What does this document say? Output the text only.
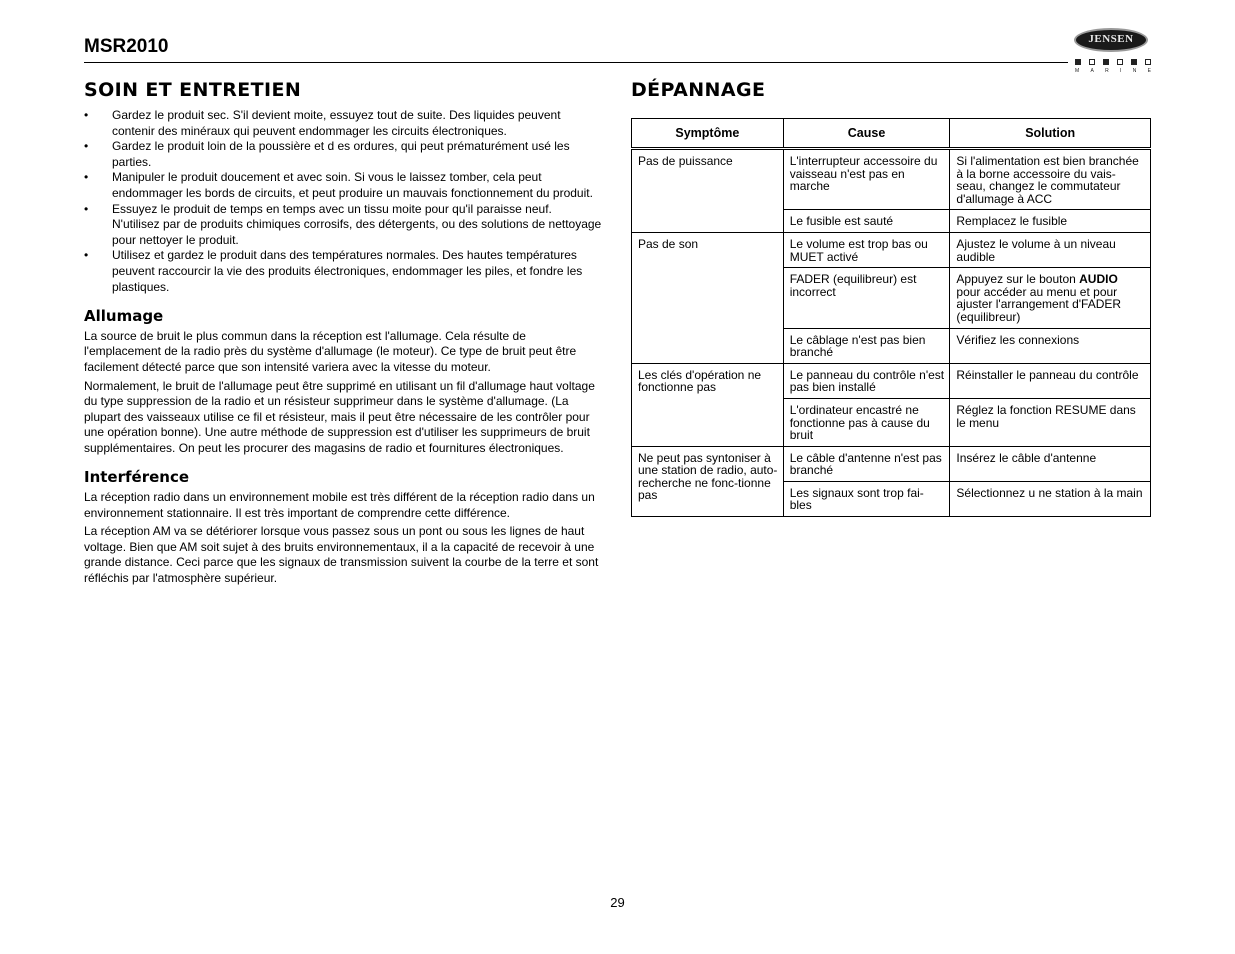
MSR2010	JENSEN
M A R I N E
SOIN ET ENTRETIEN	DÉPANNAGE
• Gardez le produit sec. S'il devient moite, essuyez tout de suite. Des liquides peuvent contenir des minéraux qui peuvent endommager les circuits électroniques.
• Gardez le produit loin de la poussière et d es ordures, qui peut prématurément usé les parties.
• Manipuler le produit doucement et avec soin. Si vous le laissez tomber, cela peut endommager les bords de circuits, et peut produire un mauvais fonctionnement du produit.
• Essuyez le produit de temps en temps avec un tissu moite pour qu'il paraisse neuf. N'utilisez par de produits chimiques corrosifs, des détergents, ou des solutions de nettoyage pour nettoyer le produit.
• Utilisez et gardez le produit dans des températures normales. Des hautes températures peuvent raccourcir la vie des produits électroniques, endommager les piles, et fondre les plastiques.
Allumage

La source de bruit le plus commun dans la réception est l'allumage. Cela résulte de l'emplacement de la radio près du système d'allumage (le moteur). Ce type de bruit peut être facilement détecté parce que son intensité variera avec la vitesse du moteur.

Normalement, le bruit de l'allumage peut être supprimé en utilisant un fil d'allumage haut voltage du type suppression de la radio et un résisteur supprimeur dans le système d'allumage. (La plupart des vaisseaux utilise ce fil et résisteur, mais il peut être nécessaire de les contrôler pour une opération bonne). Une autre méthode de suppression est d'utiliser les supprimeurs de bruit supplémentaires. On peut les procurer des magasins de radio et fournitures électroniques.

Interférence

La réception radio dans un environnement mobile est très différent de la réception radio dans un environnement stationnaire. Il est très important de comprendre cette différence.

La réception AM va se détériorer lorsque vous passez sous un pont ou sous les lignes de haut voltage. Bien que AM soit sujet à des bruits environnementaux, il a la capacité de recevoir à une grande distance. Ceci parce que les signaux de transmission suivent la courbe de la terre et sont réfléchis par l'atmosphère supérieur.

Symptôme	Cause	Solution
Pas de puissance	L'interrupteur accessoire du vaisseau n'est pas en marche	Si l'alimentation est bien branchée à la borne accessoire du vais-seau, changez le commutateur d'allumage à ACC
	Le fusible est sauté	Remplacez le fusible
Pas de son	Le volume est trop bas ou MUET activé	Ajustez le volume à un niveau audible
	FADER (equilibreur) est incorrect	Appuyez sur le bouton AUDIO pour accéder au menu et pour ajuster l'arrangement d'FADER (equilibreur)
	Le câblage n'est pas bien branché	Vérifiez les connexions
Les clés d'opération ne fonctionne pas	Le panneau du contrôle n'est pas bien installé	Réinstaller le panneau du contrôle
	L'ordinateur encastré ne fonctionne pas à cause du bruit	Réglez la fonction RESUME dans le menu
Ne peut pas syntoniser à une station de radio, auto-recherche ne fonc-tionne pas	Le câble d'antenne n'est pas branché	Insérez le câble d'antenne
	Les signaux sont trop fai-bles	Sélectionnez u ne station à la main
29
